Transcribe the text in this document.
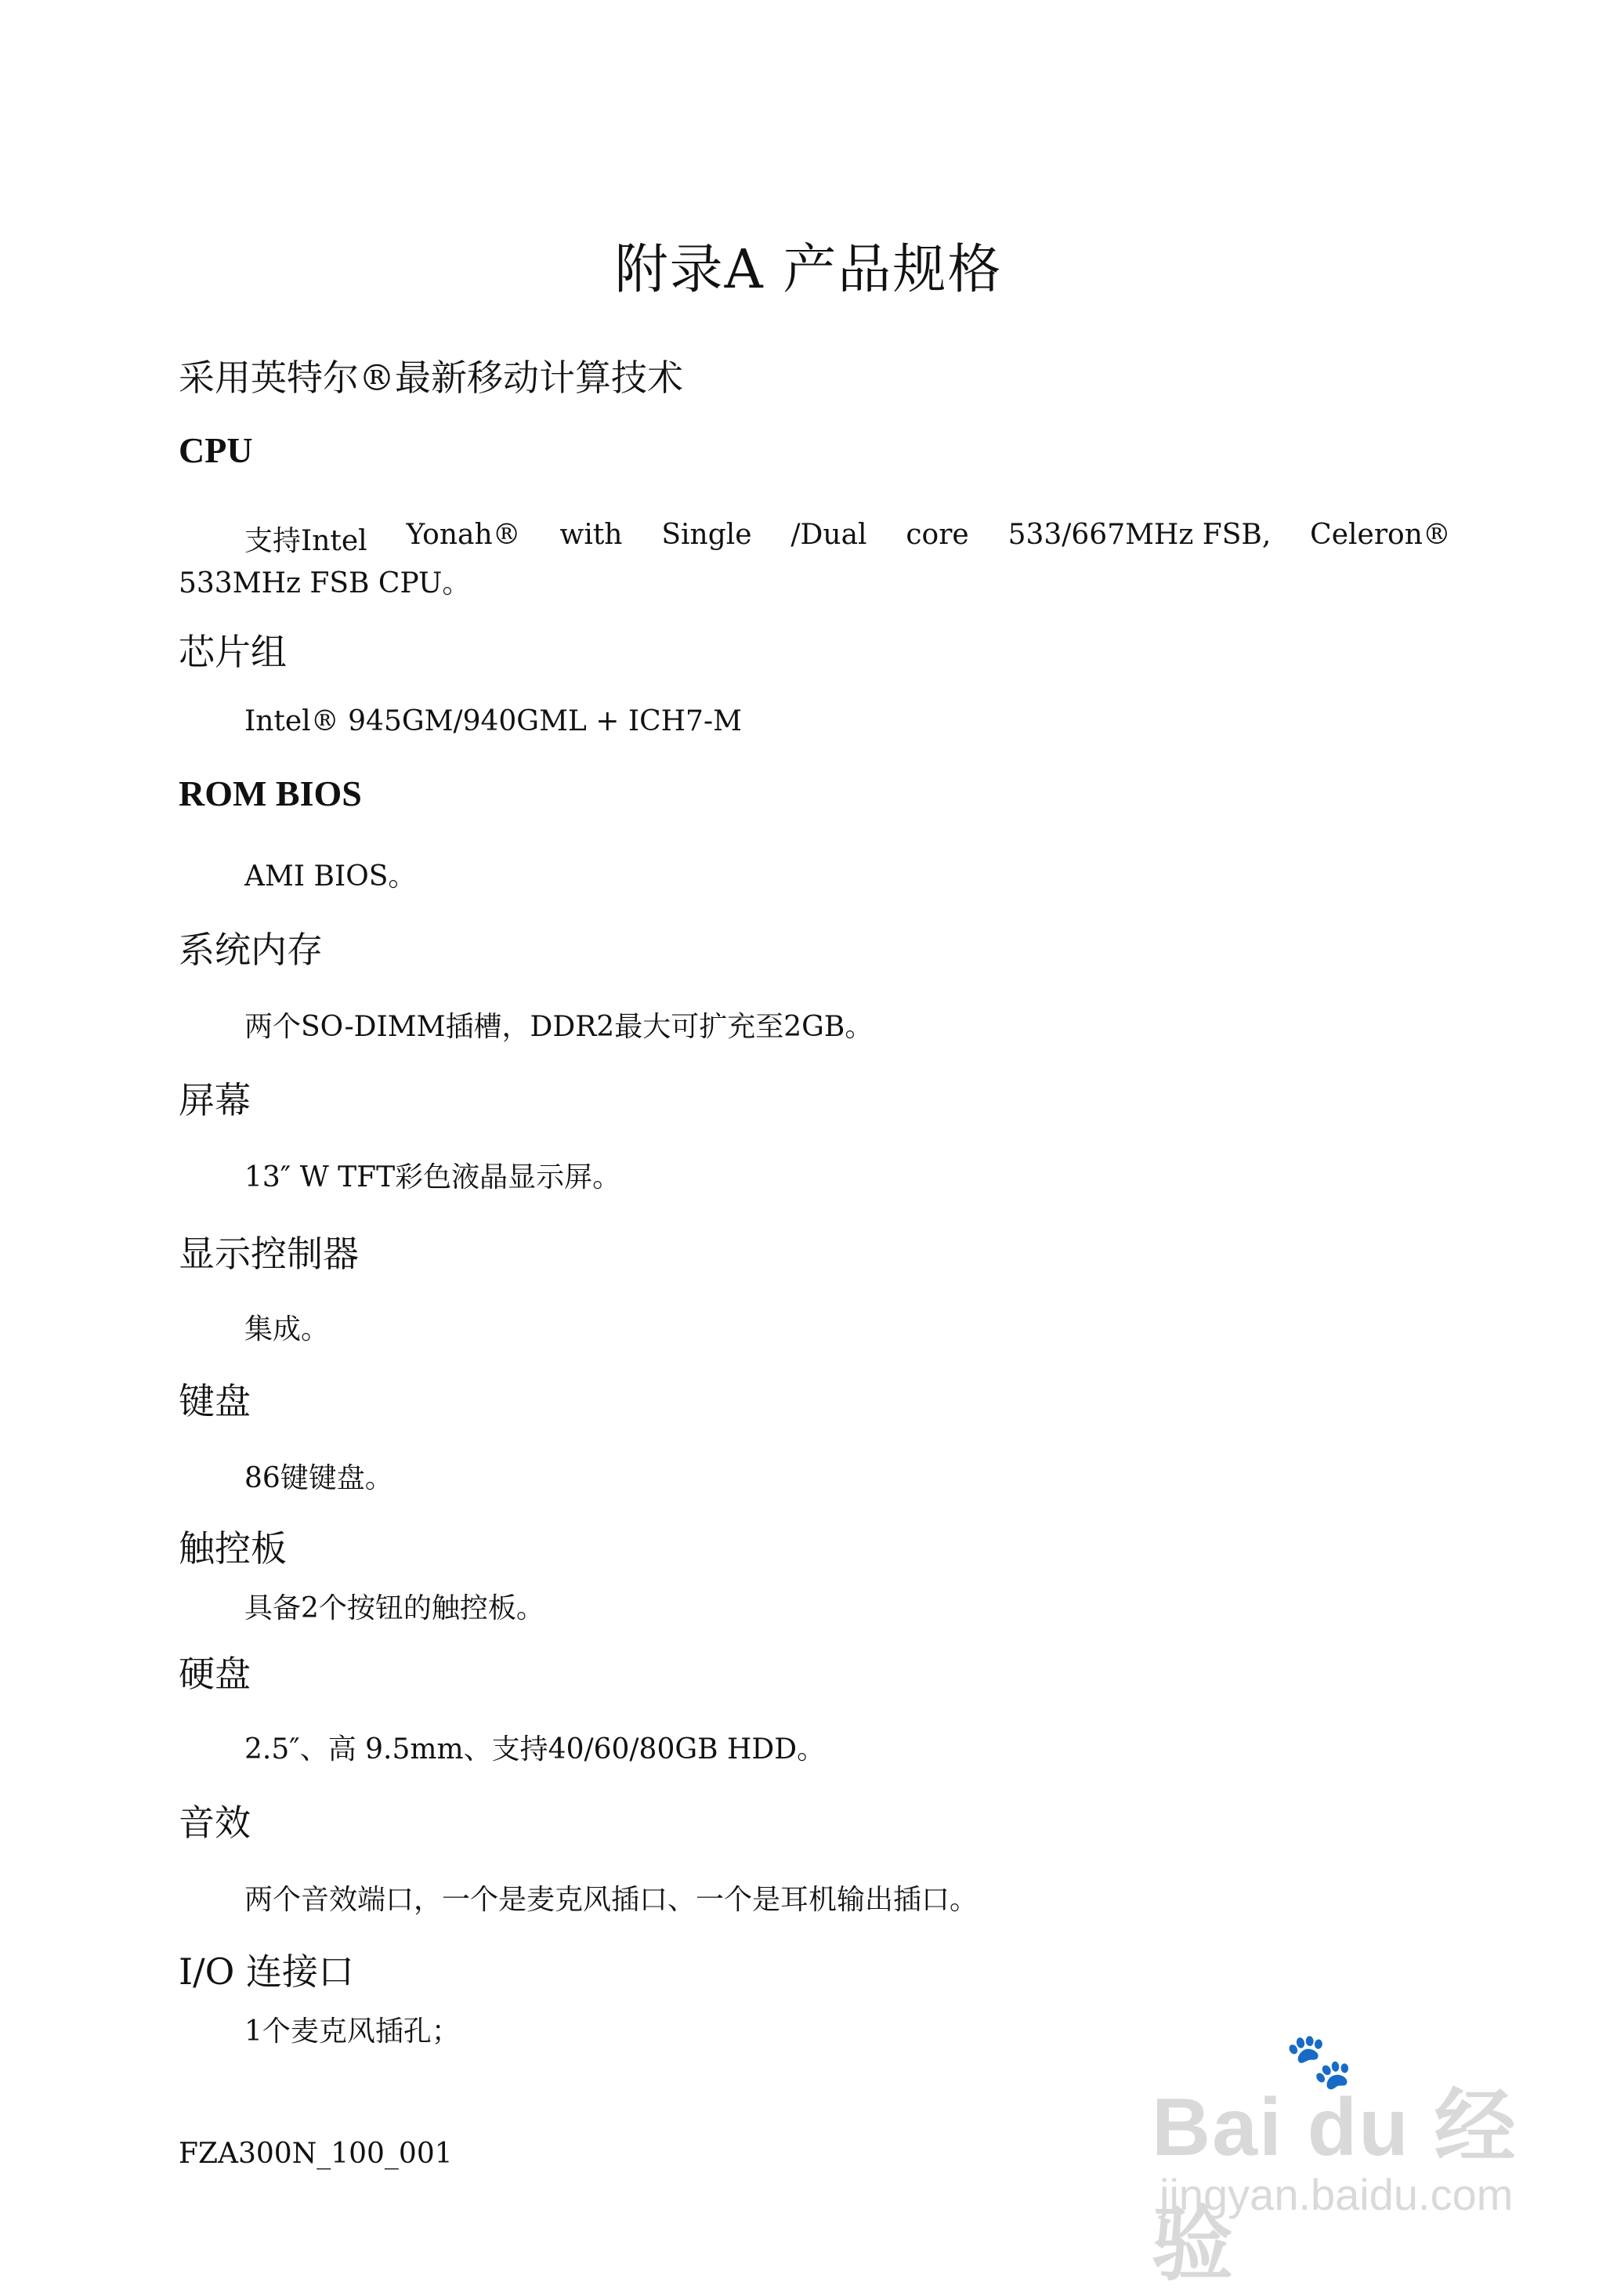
附录A 产品规格
采用英特尔®最新移动计算技术
CPU
支持Intel Yonah® with Single /Dual core 533/667MHz FSB, Celeron®
533MHz FSB CPU。
芯片组
Intel® 945GM/940GML + ICH7-M
ROM BIOS
AMI BIOS。
系统内存
两个SO-DIMM插槽，DDR2最大可扩充至2GB。
屏幕
13″ W TFT彩色液晶显示屏。
显示控制器
集成。
键盘
86键键盘。
触控板
具备2个按钮的触控板。
硬盘
2.5″、高 9.5mm、支持40/60/80GB HDD。
音效
两个音效端口，一个是麦克风插口、一个是耳机输出插口。
I/O 连接口
1个麦克风插孔；
FZA300N_100_001
🐾
Bai du 经验
jingyan.baidu.com
